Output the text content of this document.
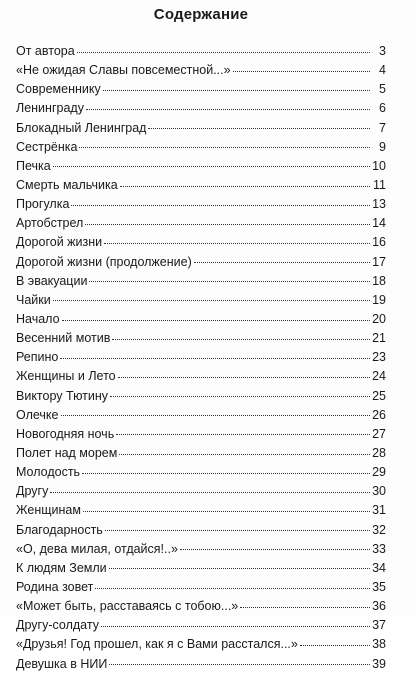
Содержание
От автора	3
«Не ожидая Славы повсеместной...»	4
Современнику	5
Ленинграду	6
Блокадный Ленинград	7
Сестрёнка	9
Печка	10
Смерть мальчика	11
Прогулка	13
Артобстрел	14
Дорогой жизни	16
Дорогой жизни (продолжение)	17
В эвакуации	18
Чайки	19
Начало	20
Весенний мотив	21
Репино	23
Женщины и Лето	24
Виктору Тютину	25
Олечке	26
Новогодняя ночь	27
Полет над морем	28
Молодость	29
Другу	30
Женщинам	31
Благодарность	32
«О, дева милая, отдайся!..»	33
К людям Земли	34
Родина зовет	35
«Может быть, расставаясь с тобою...»	36
Другу-солдату	37
«Друзья! Год прошел, как я с Вами расстался...»	38
Девушка в НИИ	39
